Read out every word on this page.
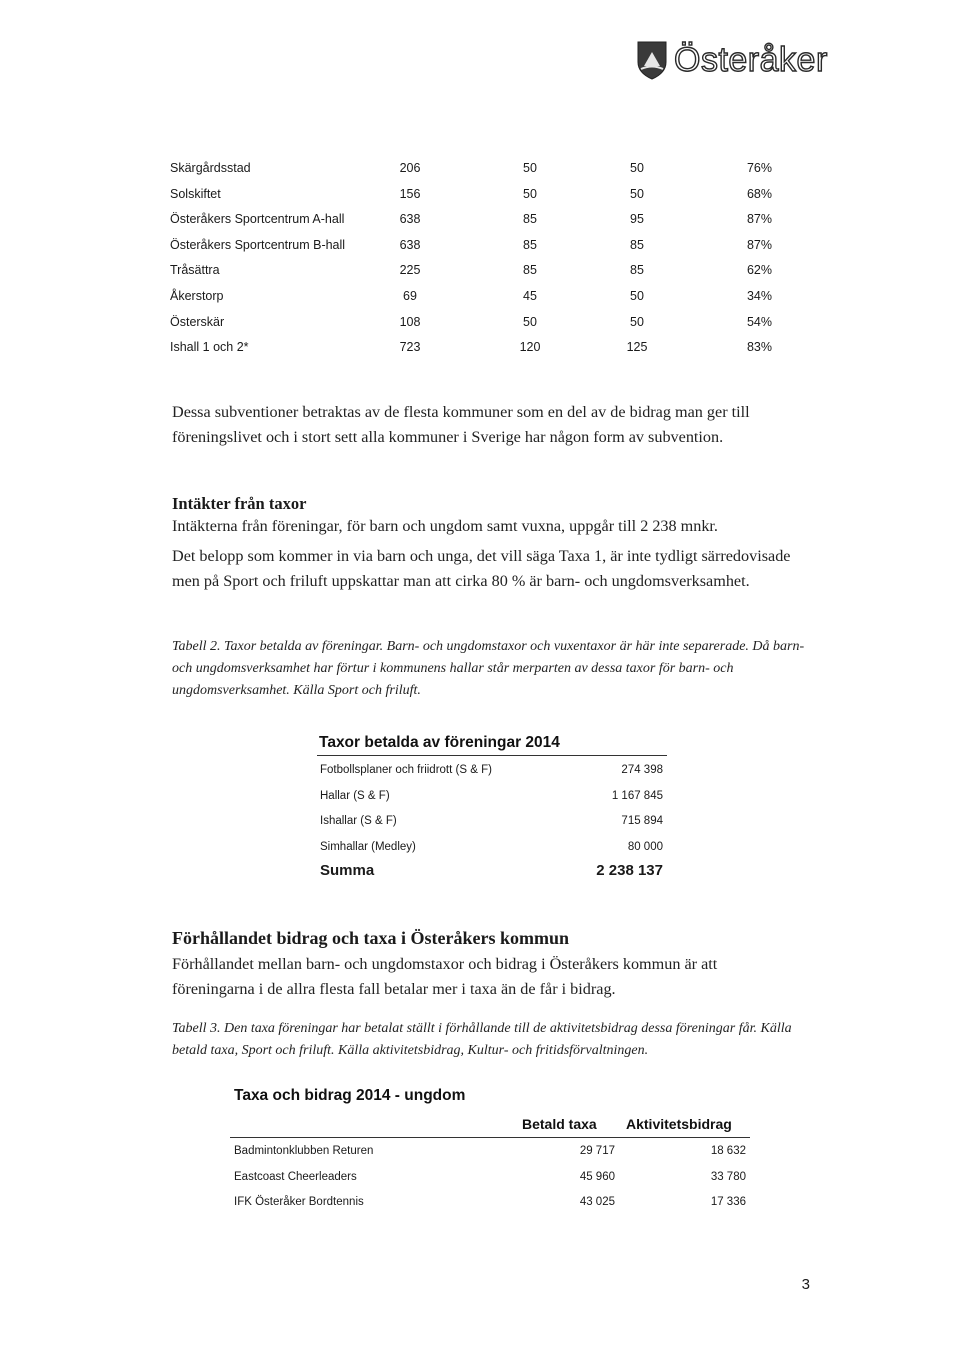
Österåker
Skärgårdsstad	206	50	50	76%
Solskiftet	156	50	50	68%
Österåkers Sportcentrum A-hall	638	85	95	87%
Österåkers Sportcentrum B-hall	638	85	85	87%
Tråsättra	225	85	85	62%
Åkerstorp	69	45	50	34%
Österskär	108	50	50	54%
Ishall 1 och 2*	723	120	125	83%

Dessa subventioner betraktas av de flesta kommuner som en del av de bidrag man ger till föreningslivet och i stort sett alla kommuner i Sverige har någon form av subvention.

Intäkter från taxor

Intäkterna från föreningar, för barn och ungdom samt vuxna, uppgår till 2 238 mnkr.

Det belopp som kommer in via barn och unga, det vill säga Taxa 1, är inte tydligt särredovisade men på Sport och friluft uppskattar man att cirka 80 % är barn- och ungdomsverksamhet.

Tabell 2. Taxor betalda av föreningar. Barn- och ungdomstaxor och vuxentaxor är här inte separerade. Då barn- och ungdomsverksamhet har förtur i kommunens hallar står merparten av dessa taxor för barn- och ungdomsverksamhet. Källa Sport och friluft.

Taxor betalda av föreningar 2014
Fotbollsplaner och friidrott (S & F)	274 398
Hallar (S & F)	1 167 845
Ishallar (S & F)	715 894
Simhallar (Medley)	80 000
Summa	2 238 137

Förhållandet bidrag och taxa i Österåkers kommun

Förhållandet mellan barn- och ungdomstaxor och bidrag i Österåkers kommun är att föreningarna i de allra flesta fall betalar mer i taxa än de får i bidrag.

Tabell 3. Den taxa föreningar har betalat ställt i förhållande till de aktivitetsbidrag dessa föreningar får. Källa betald taxa, Sport och friluft. Källa aktivitetsbidrag, Kultur- och fritidsförvaltningen.

Taxa och bidrag 2014 - ungdom
Betald taxa Aktivitetsbidrag
Badmintonklubben Returen	29 717	18 632
Eastcoast Cheerleaders	45 960	33 780
IFK Österåker Bordtennis	43 025	17 336
3
